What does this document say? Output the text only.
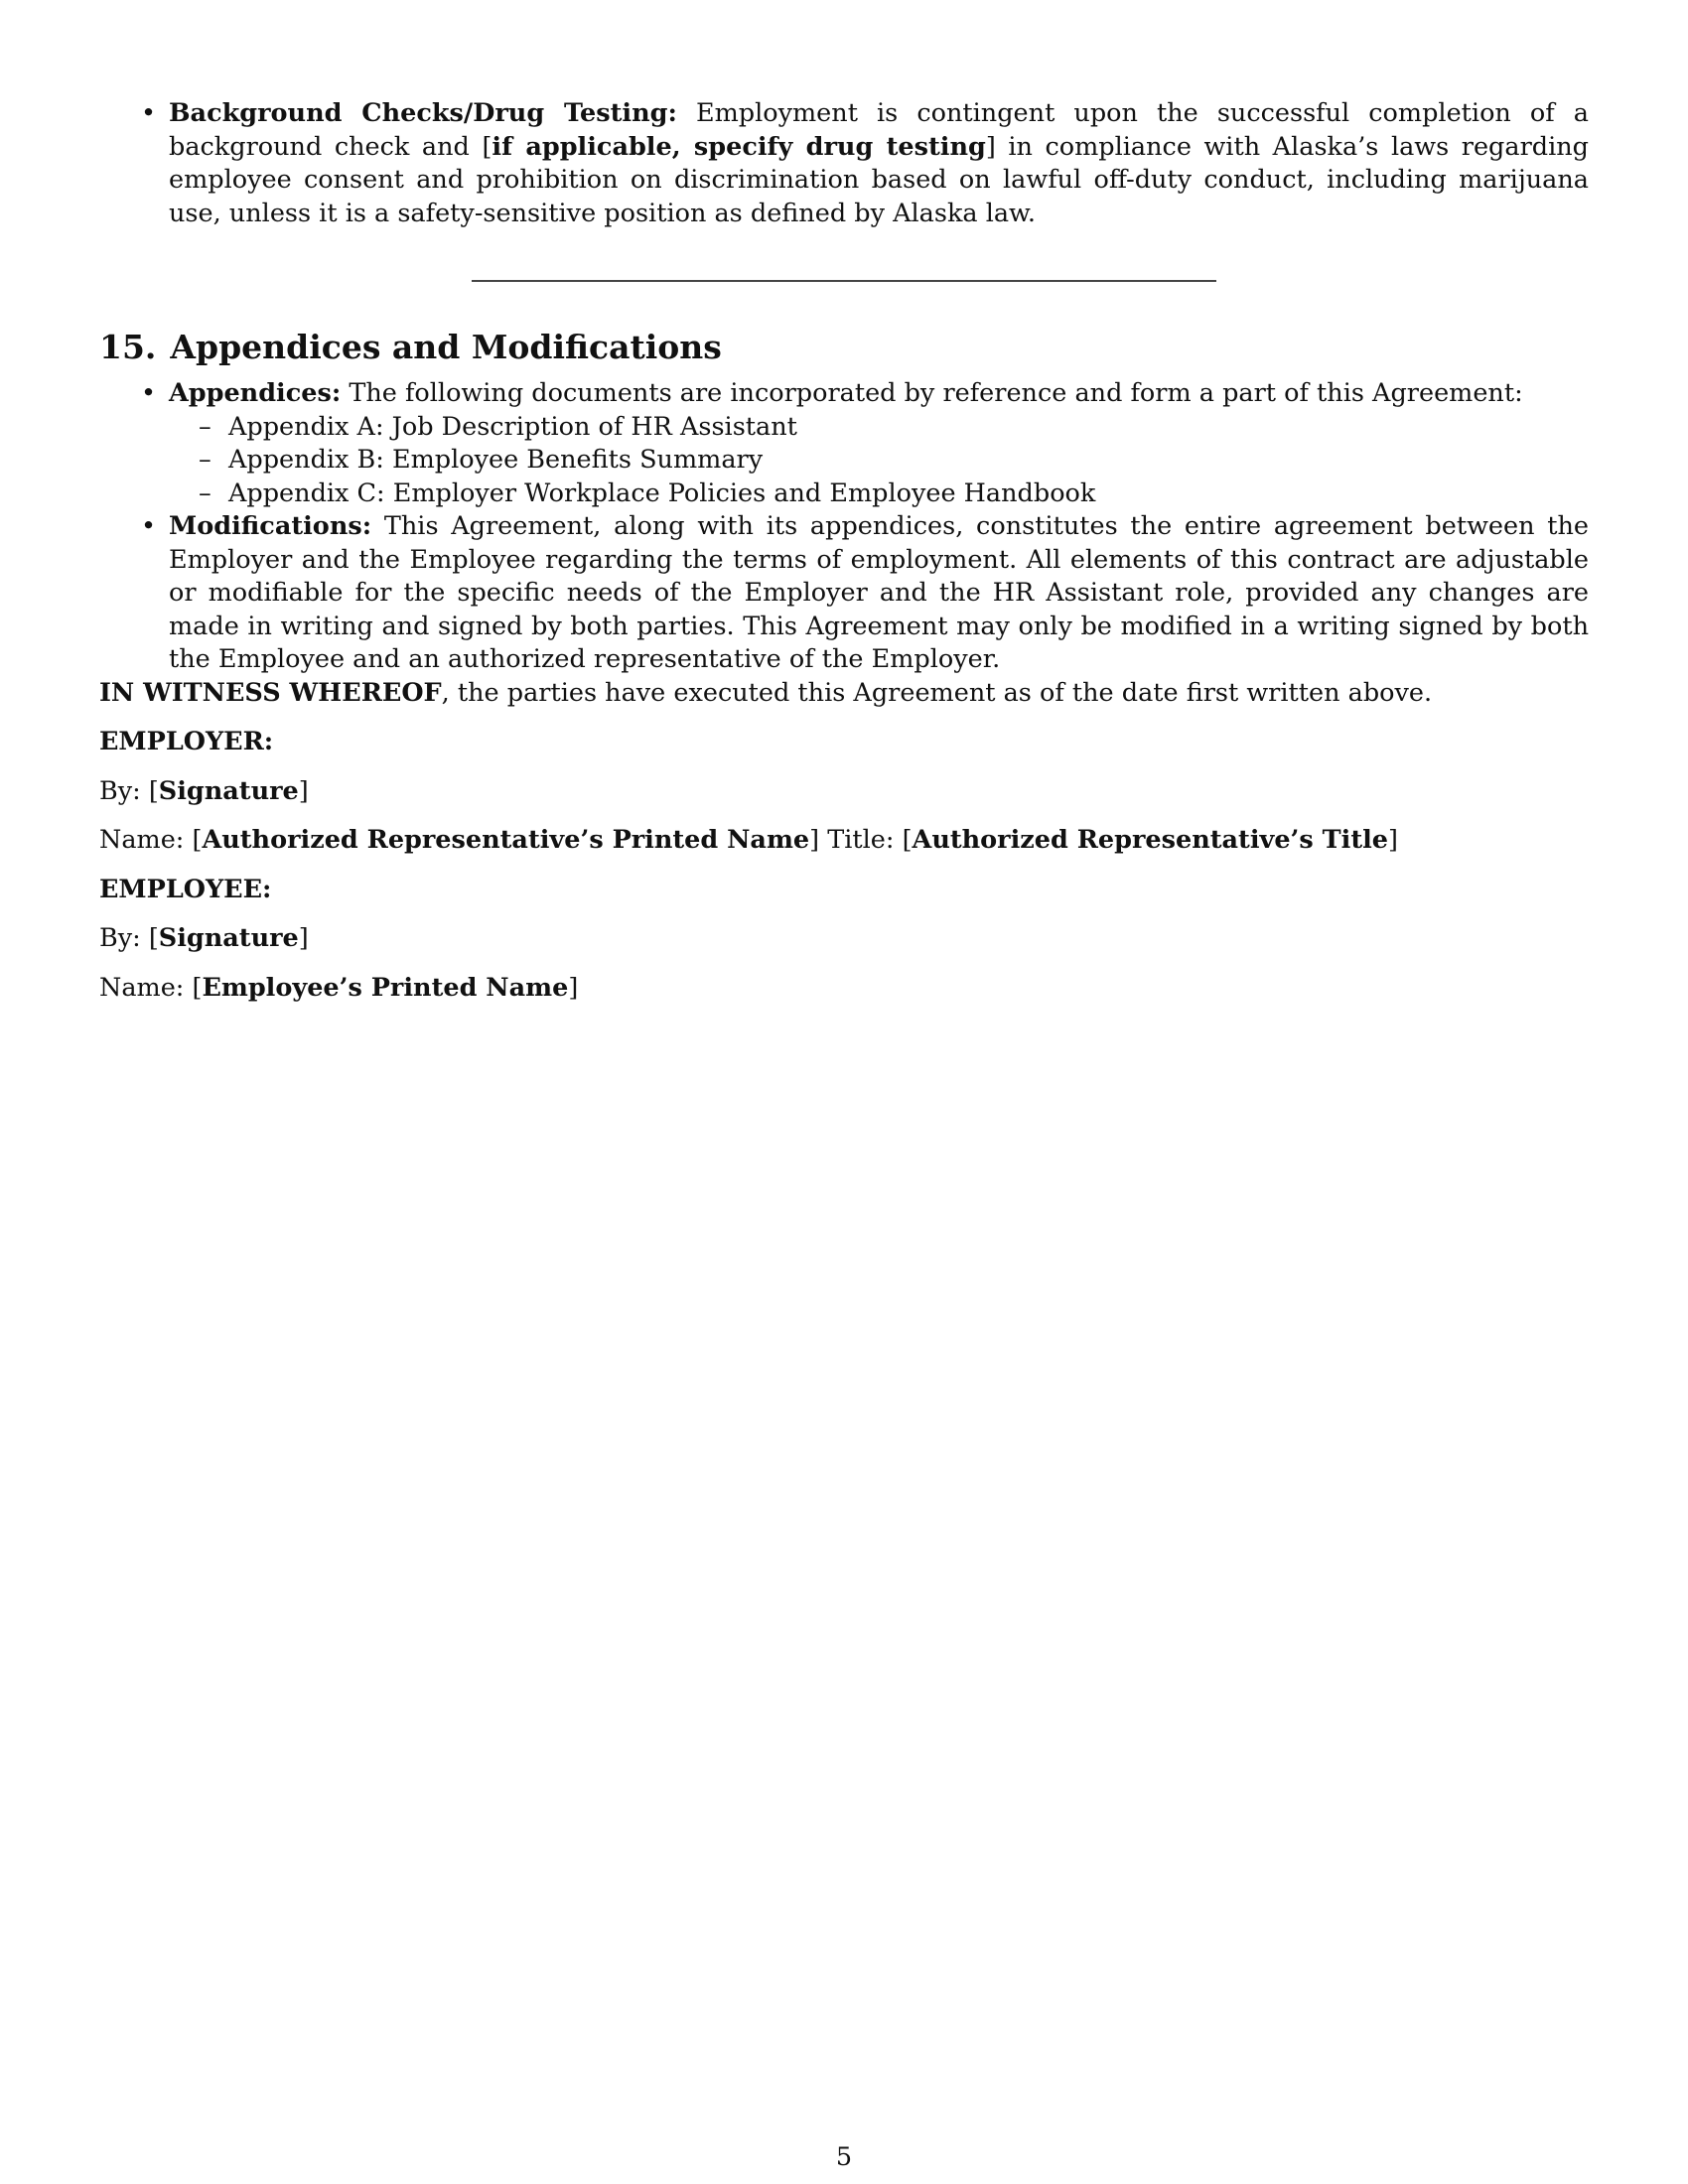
• Background Checks/Drug Testing: Employment is contingent upon the successful completion of a background check and [if applicable, specify drug testing] in compliance with Alaska’s laws regarding employee consent and prohibition on discrimination based on lawful off-duty conduct, including marijuana use, unless it is a safety-sensitive position as defined by Alaska law.
15. Appendices and Modifications
• Appendices: The following documents are incorporated by reference and form a part of this Agreement:
– Appendix A: Job Description of HR Assistant
– Appendix B: Employee Benefits Summary
– Appendix C: Employer Workplace Policies and Employee Handbook
• Modifications: This Agreement, along with its appendices, constitutes the entire agreement between the Employer and the Employee regarding the terms of employment. All elements of this contract are adjustable or modifiable for the specific needs of the Employer and the HR Assistant role, provided any changes are made in writing and signed by both parties. This Agreement may only be modified in a writing signed by both the Employee and an authorized representative of the Employer.

IN WITNESS WHEREOF, the parties have executed this Agreement as of the date first written above.

EMPLOYER:

By: [Signature]

Name: [Authorized Representative’s Printed Name] Title: [Authorized Representative’s Title]

EMPLOYEE:

By: [Signature]

Name: [Employee’s Printed Name]

5
